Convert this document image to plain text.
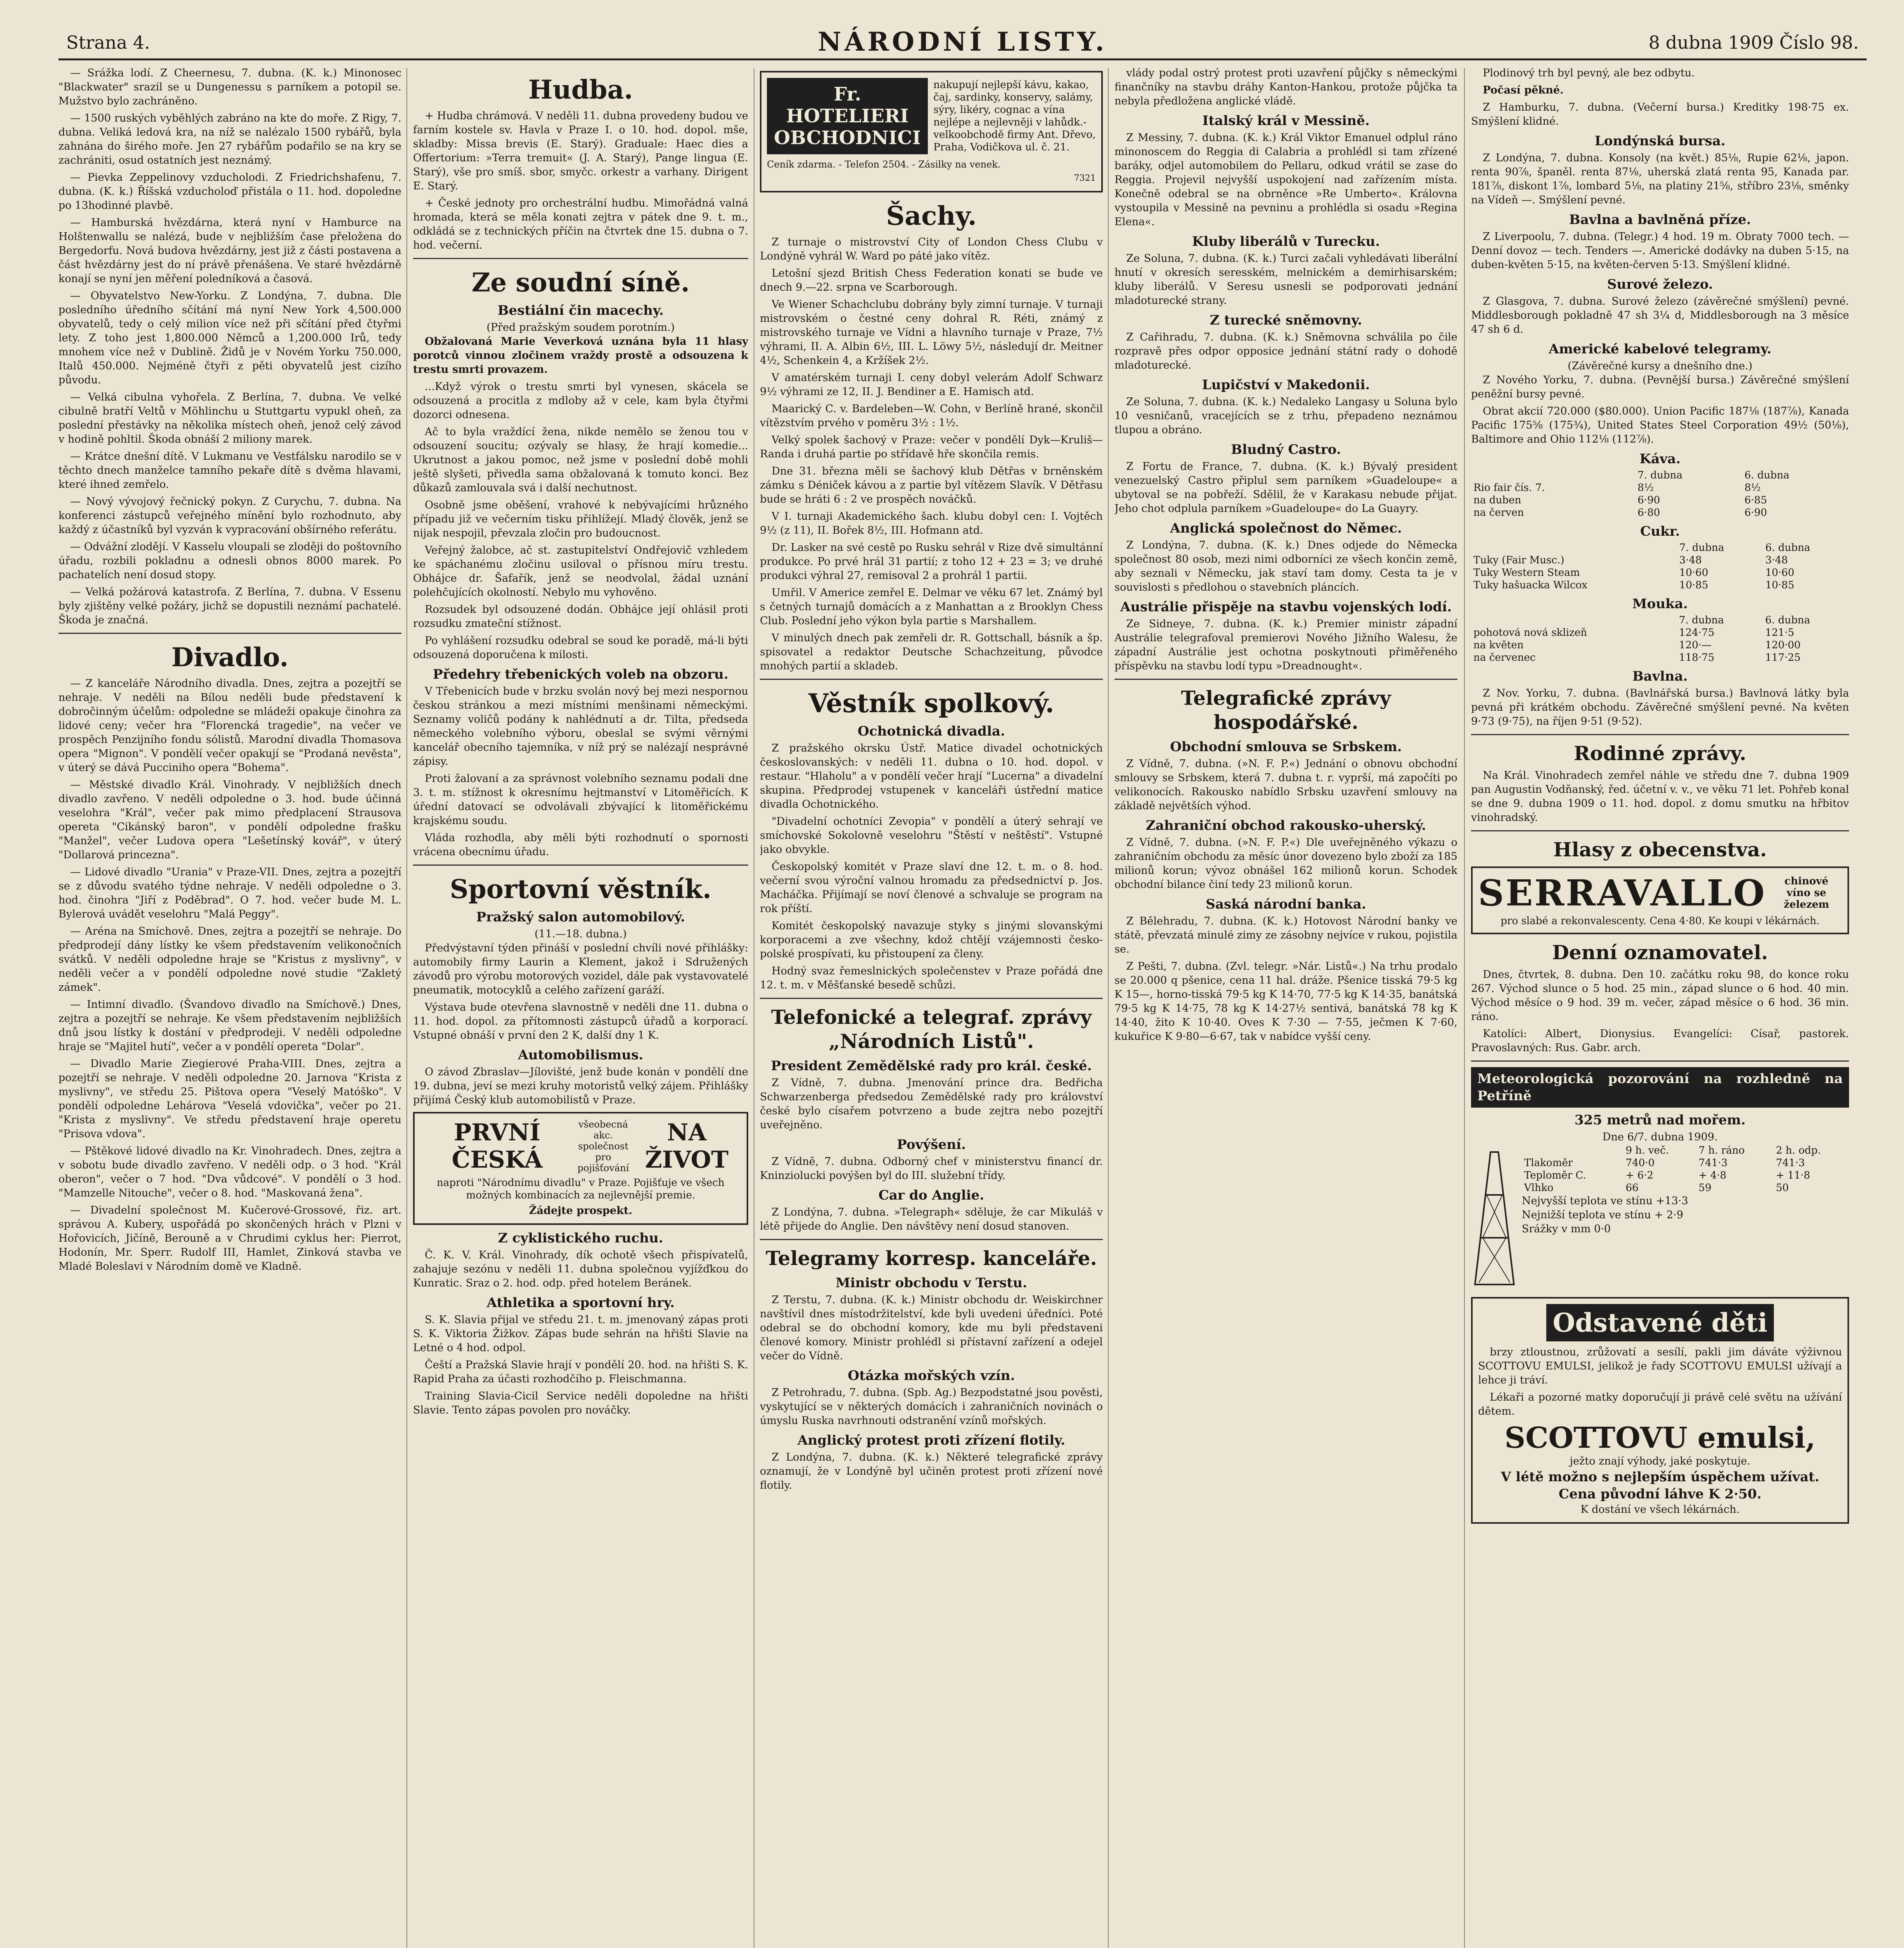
Strana 4.	NÁRODNÍ LISTY.	8 dubna 1909 Číslo 98.

— Srážka lodí. Z Cheernesu, 7. dubna. (K. k.) Minonosec "Blackwater" srazil se u Dungenessu s parníkem a potopil se. Mužstvo bylo zachráněno.

— 1500 ruských vyběhlých zabráno na kte do moře. Z Rigy, 7. dubna. Veliká ledová kra, na níž se nalézalo 1500 rybářů, byla zahnána do širého moře. Jen 27 rybářům podařilo se na kry se zachrániti, osud ostatních jest neznámý.

— Pievka Zeppelinovy vzducholodi. Z Friedrichshafenu, 7. dubna. (K. k.) Říšská vzducholoď přistála o 11. hod. dopoledne po 13hodinné plavbě.

— Hamburská hvězdárna, která nyní v Hamburce na Holštenwallu se nalézá, bude v nejbližším čase přeložena do Bergedorfu. Nová budova hvězdárny, jest již z části postavena a část hvězdárny jest do ní právě přenášena. Ve staré hvězdárně konají se nyní jen měření poledníková a časová.

— Obyvatelstvo New-Yorku. Z Londýna, 7. dubna. Dle posledního úředního sčítání má nyní New York 4,500.000 obyvatelů, tedy o celý milion více než při sčítání před čtyřmi lety. Z toho jest 1,800.000 Němců a 1,200.000 Irů, tedy mnohem více než v Dublině. Židů je v Novém Yorku 750.000, Italů 450.000. Nejméně čtyři z pěti obyvatelů jest cizího původu.

— Velká cibulna vyhořela. Z Berlína, 7. dubna. Ve velké cibulně bratří Veltů v Möhlinchu u Stuttgartu vypukl oheň, za poslední přestávky na několika místech oheň, jenož celý závod v hodině pohltil. Škoda obnáší 2 miliony marek.

— Krátce dnešní dítě. V Lukmanu ve Vestfálsku narodilo se v těchto dnech manželce tamního pekaře dítě s dvěma hlavami, které ihned zemřelo.

— Nový vývojový řečnický pokyn. Z Curychu, 7. dubna. Na konferenci zástupců veřejného mínění bylo rozhodnuto, aby každý z účastníků byl vyzván k vypracování obšírného referátu.

— Odvážní zlodějí. V Kasselu vloupali se zloději do poštovního úřadu, rozbili pokladnu a odnesli obnos 8000 marek. Po pachatelích není dosud stopy.

— Velká požárová katastrofa. Z Berlína, 7. dubna. V Essenu byly zjištěny velké požáry, jichž se dopustili neznámí pachatelé. Škoda je značná.

Divadlo.

— Z kanceláře Národního divadla. Dnes, zejtra a pozejtří se nehraje. V neděli na Bílou neděli bude představení k dobročinným účelům: odpoledne se mládeži opakuje činohra za lidové ceny; večer hra "Florencká tragedie", na večer ve prospěch Penzijního fondu sólistů. Marodní divadla Thomasova opera "Mignon". V pondělí večer opakují se "Prodaná nevěsta", v úterý se dává Pucciniho opera "Bohema".

— Městské divadlo Král. Vinohrady. V nejbližších dnech divadlo zavřeno. V neděli odpoledne o 3. hod. bude účinná veselohra "Král", večer pak mimo předplacení Strausova opereta "Cikánský baron", v pondělí odpoledne frašku "Manžel", večer Ludova opera "Lešetínský kovář", v úterý "Dollarová princezna".

— Lidové divadlo "Urania" v Praze-VII. Dnes, zejtra a pozejtří se z důvodu svatého týdne nehraje. V neděli odpoledne o 3. hod. činohra "Jiří z Poděbrad". O 7. hod. večer bude M. L. Bylerová uvádět veselohru "Malá Peggy".

— Aréna na Smíchově. Dnes, zejtra a pozejtří se nehraje. Do předprodejí dány lístky ke všem představením velikonočních svátků. V neděli odpoledne hraje se "Kristus z myslivny", v neděli večer a v pondělí odpoledne nové studie "Zakletý zámek".

— Intimní divadlo. (Švandovo divadlo na Smíchově.) Dnes, zejtra a pozejtří se nehraje. Ke všem představením nejbližších dnů jsou lístky k dostání v předprodeji. V neděli odpoledne hraje se "Majitel hutí", večer a v pondělí opereta "Dolar".

— Divadlo Marie Ziegierové Praha-VIII. Dnes, zejtra a pozejtří se nehraje. V neděli odpoledne 20. Jarnova "Krista z myslivny", ve středu 25. Pištova opera "Veselý Matóško". V pondělí odpoledne Lehárova "Veselá vdovička", večer po 21. "Krista z myslivny". Ve středu představení hraje operetu "Prisova vdova".

— Pštěkové lidové divadlo na Kr. Vinohradech. Dnes, zejtra a v sobotu bude divadlo zavřeno. V neděli odp. o 3 hod. "Král oberon", večer o 7 hod. "Dva vůdcové". V pondělí o 3 hod. "Mamzelle Nitouche", večer o 8. hod. "Maskovaná žena".

— Divadelní společnost M. Kučerové-Grossové, řiz. art. správou A. Kubery, uspořádá po skončených hrách v Plzni v Hořovicích, Jičíně, Berouně a v Chrudimi cyklus her: Pierrot, Hodonín, Mr. Sperr. Rudolf III, Hamlet, Zinková stavba ve Mladé Boleslavi v Národním domě ve Kladně.

Hudba.

+ Hudba chrámová. V neděli 11. dubna provedeny budou ve farním kostele sv. Havla v Praze I. o 10. hod. dopol. mše, skladby: Missa brevis (E. Starý). Graduale: Haec dies a Offertorium: »Terra tremuit« (J. A. Starý), Pange lingua (E. Starý), vše pro smíš. sbor, smyčc. orkestr a varhany. Dirigent E. Starý.

+ České jednoty pro orchestrální hudbu. Mimořádná valná hromada, která se měla konati zejtra v pátek dne 9. t. m., odkládá se z technických příčin na čtvrtek dne 15. dubna o 7. hod. večerní.

Ze soudní síně.
Bestiální čin macechy.
(Před pražským soudem porotním.)

Obžalovaná Marie Veverková uznána byla 11 hlasy porotců vinnou zločinem vraždy prostě a odsouzena k trestu smrti provazem.

...Když výrok o trestu smrti byl vynesen, skácela se odsouzená a procitla z mdloby až v cele, kam byla čtyřmi dozorci odnesena.

Ač to byla vraždící žena, nikde nemělo se ženou tou v odsouzení soucitu; ozývaly se hlasy, že hrají komedie... Ukrutnost a jakou pomoc, než jsme v poslední době mohli ještě slyšeti, přivedla sama obžalovaná k tomuto konci. Bez důkazů zamlouvala svá i další nechutnost.

Osobně jsme oběšení, vrahové k nebývajícími hrůzného případu již ve večerním tisku přihlížejí. Mladý člověk, jenž se nijak nespojil, převzala zločin pro budoucnost.

Veřejný žalobce, ač st. zastupitelství Ondřejovič vzhledem ke spáchanému zločinu usiloval o přísnou míru trestu. Obhájce dr. Šafařík, jenž se neodvolal, žádal uznání polehčujících okolností. Nebylo mu vyhověno.

Rozsudek byl odsouzené dodán. Obhájce její ohlásil proti rozsudku zmateční stížnost.

Po vyhlášení rozsudku odebral se soud ke poradě, má-li býti odsouzená doporučena k milosti.

Předehry třebenických voleb na obzoru.

V Třebenicích bude v brzku svolán nový bej mezi nespornou českou stránkou a mezi místními menšinami německými. Seznamy voličů podány k nahlédnutí a dr. Tilta, předseda německého volebního výboru, obeslal se svými věrnými kancelář obecního tajemníka, v níž prý se nalézají nesprávné zápisy.

Proti žalovaní a za správnost volebního seznamu podali dne 3. t. m. stížnost k okresnímu hejtmanství v Litoměřicích. K úřední datovací se odvolávali zbývající k litoměřickému krajskému soudu.

Vláda rozhodla, aby měli býti rozhodnutí o spornosti vrácena obecnímu úřadu.

Sportovní věstník.
Pražský salon automobilový.
(11.—18. dubna.)

Předvýstavní týden přináší v poslední chvíli nové přihlášky: automobily firmy Laurin a Klement, jakož i Sdružených závodů pro výrobu motorových vozidel, dále pak vystavovatelé pneumatik, motocyklů a celého zařízení garáží.

Výstava bude otevřena slavnostně v neděli dne 11. dubna o 11. hod. dopol. za přítomnosti zástupců úřadů a korporací. Vstupné obnáší v první den 2 K, další dny 1 K.

Automobilismus.

O závod Zbraslav—Jílovišté, jenž bude konán v pondělí dne 19. dubna, jeví se mezi kruhy motoristů velký zájem. Přihlášky přijímá Český klub automobilistů v Praze.

PRVNÍ ČESKÁ
všeobecná akc. společnost pro pojišťování
NA ŽIVOT
naproti "Národnímu divadlu" v Praze. Pojišťuje ve všech možných kombinacích za nejlevnější premie.
Žádejte prospekt.
Z cyklistického ruchu.

Č. K. V. Král. Vinohrady, dík ochotě všech přispívatelů, zahajuje sezónu v neděli 11. dubna společnou vyjížďkou do Kunratic. Sraz o 2. hod. odp. před hotelem Beránek.

Athletika a sportovní hry.

S. K. Slavia přijal ve středu 21. t. m. jmenovaný zápas proti S. K. Viktoria Žižkov. Zápas bude sehrán na hřišti Slavie na Letné o 4 hod. odpol.

Čeští a Pražská Slavie hrají v pondělí 20. hod. na hřišti S. K. Rapid Praha za účasti rozhodčího p. Fleischmanna.

Training Slavia-Cicil Service neděli dopoledne na hřišti Slavie. Tento zápas povolen pro nováčky.

Fr. HOTELIERI OBCHODNICI
nakupují nejlepší kávu, kakao, čaj, sardinky, konservy, salámy, sýry, likéry, cognac a vína nejlépe a nejlevněji v lahůdk.-velkoobchodě firmy Ant. Dřevo, Praha, Vodičkova ul. č. 21.
Ceník zdarma. - Telefon 2504. - Zásilky na venek.
7321
Šachy.

Z turnaje o mistrovství City of London Chess Clubu v Londýně vyhrál W. Ward po páté jako vítěz.

Letošní sjezd British Chess Federation konati se bude ve dnech 9.—22. srpna ve Scarborough.

Ve Wiener Schachclubu dobrány byly zimní turnaje. V turnaji mistrovském o čestné ceny dohral R. Réti, známý z mistrovského turnaje ve Vídni a hlavního turnaje v Praze, 7½ výhrami, II. A. Albin 6½, III. L. Löwy 5½, následují dr. Meitner 4½, Schenkein 4, a Kržíšek 2½.

V amatérském turnaji I. ceny dobyl velerám Adolf Schwarz 9½ výhrami ze 12, II. J. Bendiner a E. Hamisch atd.

Maarický C. v. Bardeleben—W. Cohn, v Berlíně hrané, skončil vítězstvím prvého v poměru 3½ : 1½.

Velký spolek šachový v Praze: večer v pondělí Dyk—Kruliš—Randa i druhá partie po střídavě hře skončila remis.

Dne 31. března měli se šachový klub Dětřas v brněnském zámku s Déniček kávou a z partie byl vítězem Slavík. V Dětřasu bude se hráti 6 : 2 ve prospěch nováčků.

V I. turnaji Akademického šach. klubu dobyl cen: I. Vojtěch 9½ (z 11), II. Bořek 8½, III. Hofmann atd.

Dr. Lasker na své cestě po Rusku sehrál v Rize dvě simultánní produkce. Po prvé hrál 31 partií; z toho 12 + 23 = 3; ve druhé produkci výhral 27, remisoval 2 a prohrál 1 partii.

Umřil. V Americe zemřel E. Delmar ve věku 67 let. Známý byl s četných turnajů domácích a z Manhattan a z Brooklyn Chess Club. Poslední jeho výkon byla partie s Marshallem.

V minulých dnech pak zemřeli dr. R. Gottschall, básník a šp. spisovatel a redaktor Deutsche Schachzeitung, původce mnohých partií a skladeb.

Věstník spolkový.
Ochotnická divadla.

Z pražského okrsku Ústř. Matice divadel ochotnických českoslovanských: v neděli 11. dubna o 10. hod. dopol. v restaur. "Hlaholu" a v pondělí večer hrají "Lucerna" a divadelní skupina. Předprodej vstupenek v kanceláři ústřední matice divadla Ochotnického.

"Divadelní ochotníci Zevopia" v pondělí a úterý sehrají ve smíchovské Sokolovně veselohru "Štěstí v neštěstí". Vstupné jako obvykle.

Českopolský komitét v Praze slaví dne 12. t. m. o 8. hod. večerní svou výroční valnou hromadu za předsednictví p. Jos. Macháčka. Přijímají se noví členové a schvaluje se program na rok příští.

Komitét českopolský navazuje styky s jinými slovanskými korporacemi a zve všechny, kdož chtějí vzájemnosti česko-polské prospívati, ku přistoupení za členy.

Hodný svaz řemeslnických společenstev v Praze pořádá dne 12. t. m. v Měšťanské besedě schůzi.

Telefonické a telegraf. zprávy „Národních Listů".
President Zemědělské rady pro král. české.

Z Vídně, 7. dubna. Jmenování prince dra. Bedřicha Schwarzenberga předsedou Zemědělské rady pro království české bylo císařem potvrzeno a bude zejtra nebo pozejtří uveřejněno.

Povýšení.

Z Vídně, 7. dubna. Odborný chef v ministerstvu financí dr. Kninziolucki povýšen byl do III. služební třídy.

Car do Anglie.

Z Londýna, 7. dubna. »Telegraph« sděluje, že car Mikuláš v létě přijede do Anglie. Den návštěvy není dosud stanoven.

Telegramy korresp. kanceláře.
Ministr obchodu v Terstu.

Z Terstu, 7. dubna. (K. k.) Ministr obchodu dr. Weiskirchner navštívil dnes místodržitelství, kde byli uvedeni úředníci. Poté odebral se do obchodní komory, kde mu byli představeni členové komory. Ministr prohlédl si přístavní zařízení a odejel večer do Vídně.

Otázka mořských vzín.

Z Petrohradu, 7. dubna. (Spb. Ag.) Bezpodstatné jsou pověsti, vyskytující se v některých domácích i zahraničních novinách o úmyslu Ruska navrhnouti odstranění vzínů mořských.

Anglický protest proti zřízení flotily.

Z Londýna, 7. dubna. (K. k.) Některé telegrafické zprávy oznamují, že v Londýně byl učiněn protest proti zřízení nové flotily.

vlády podal ostrý protest proti uzavření půjčky s německými finančníky na stavbu dráhy Kanton-Hankou, protože půjčka ta nebyla předložena anglické vládě.

Italský král v Messině.

Z Messiny, 7. dubna. (K. k.) Král Viktor Emanuel odplul ráno minonoscem do Reggia di Calabria a prohlédl si tam zřízené baráky, odjel automobilem do Pellaru, odkud vrátil se zase do Reggia. Projevil nejvyšší uspokojení nad zařízením místa. Konečně odebral se na obrněnce »Re Umberto«. Královna vystoupila v Messině na pevninu a prohlédla si osadu »Regina Elena«.

Kluby liberálů v Turecku.

Ze Soluna, 7. dubna. (K. k.) Turci začali vyhledávati liberální hnutí v okresích seresském, melnickém a demirhisarském; kluby liberálů. V Seresu usnesli se podporovati jednání mladoturecké strany.

Z turecké sněmovny.

Z Cařihradu, 7. dubna. (K. k.) Sněmovna schválila po čile rozpravě přes odpor opposice jednání státní rady o dohodě mladoturecké.

Lupičství v Makedonii.

Ze Soluna, 7. dubna. (K. k.) Nedaleko Langasy u Soluna bylo 10 vesničanů, vracejících se z trhu, přepadeno neznámou tlupou a obráno.

Bludný Castro.

Z Fortu de France, 7. dubna. (K. k.) Bývalý president venezuelský Castro připlul sem parníkem »Guadeloupe« a ubytoval se na pobřeží. Sdělil, že v Karakasu nebude přijat. Jeho chot odplula parníkem »Guadeloupe« do La Guayry.

Anglická společnost do Němec.

Z Londýna, 7. dubna. (K. k.) Dnes odjede do Německa společnost 80 osob, mezi nimi odborníci ze všech končin země, aby seznali v Německu, jak staví tam domy. Cesta ta je v souvislosti s předlohou o stavebních pláncích.

Austrálie přispěje na stavbu vojenských lodí.

Ze Sidneye, 7. dubna. (K. k.) Premier ministr západní Austrálie telegrafoval premierovi Nového Jižního Walesu, že západní Austrálie jest ochotna poskytnouti přiměřeného příspěvku na stavbu lodí typu »Dreadnought«.

Telegrafické zprávy hospodářské.
Obchodní smlouva se Srbskem.

Z Vídně, 7. dubna. (»N. F. P.«) Jednání o obnovu obchodní smlouvy se Srbskem, která 7. dubna t. r. vyprší, má započíti po velikonocích. Rakousko nabídlo Srbsku uzavření smlouvy na základě největších výhod.

Zahraniční obchod rakousko-uherský.

Z Vídně, 7. dubna. (»N. F. P.«) Dle uveřejněného výkazu o zahraničním obchodu za měsíc únor dovezeno bylo zboží za 185 milionů korun; vývoz obnášel 162 milionů korun. Schodek obchodní bilance činí tedy 23 milionů korun.

Saská národní banka.

Z Bělehradu, 7. dubna. (K. k.) Hotovost Národní banky ve státě, převzatá minulé zimy ze zásobny nejvíce v rukou, pojistila se.

Z Pešti, 7. dubna. (Zvl. telegr. »Nár. Listů«.) Na trhu prodalo se 20.000 q pšenice, cena 11 hal. dráže. Pšenice tisská 79·5 kg K 15—, horno-tisská 79·5 kg K 14·70, 77·5 kg K 14·35, banátská 79·5 kg K 14·75, 78 kg K 14·27½ sentivá, banátská 78 kg K 14·40, žito K 10·40. Oves K 7·30 — 7·55, ječmen K 7·60, kukuřice K 9·80—6·67, tak v nabídce vyšší ceny.

Plodinový trh byl pevný, ale bez odbytu.

Počasí pěkné.

Z Hamburku, 7. dubna. (Večerní bursa.) Kreditky 198·75 ex. Smýšlení klidné.

Londýnská bursa.

Z Londýna, 7. dubna. Konsoly (na květ.) 85⅛, Rupie 62⅛, japon. renta 90⅞, španěl. renta 87⅛, uherská zlatá renta 95, Kanada par. 181⅞, diskont 1⅞, lombard 5⅛, na platiny 21⅝, stříbro 23⅛, směnky na Vídeň —. Smýšlení pevné.

Bavlna a bavlněná příze.

Z Liverpoolu, 7. dubna. (Telegr.) 4 hod. 19 m. Obraty 7000 tech. — Denní dovoz — tech. Tenders —. Americké dodávky na duben 5·15, na duben-květen 5·15, na květen-červen 5·13. Smýšlení klidné.

Surové železo.

Z Glasgova, 7. dubna. Surové železo (závěrečné smýšlení) pevné. Middlesborough pokladně 47 sh 3¼ d, Middlesborough na 3 měsíce 47 sh 6 d.

Americké kabelové telegramy.
(Závěrečné kursy a dnešního dne.)

Z Nového Yorku, 7. dubna. (Pevnější bursa.) Závěrečné smýšlení peněžní bursy pevné.

Obrat akcií 720.000 ($80.000). Union Pacific 187⅛ (187⅞), Kanada Pacific 175⅝ (175¾), United States Steel Corporation 49½ (50⅛), Baltimore and Ohio 112⅛ (112⅞).

Káva.
	7. dubna	6. dubna
Rio fair čís. 7.	8½	8½
na duben	6·90	6·85
na červen	6·80	6·90
Cukr.
	7. dubna	6. dubna
Tuky (Fair Musc.)	3·48	3·48
Tuky Western Steam	10·60	10·60
Tuky hašuacka Wilcox	10·85	10·85
Mouka.
	7. dubna	6. dubna
pohotová nová sklizeň	124·75	121·5
na květen	120·—	120·00
na červenec	118·75	117·25
Bavlna.

Z Nov. Yorku, 7. dubna. (Bavlnářská bursa.) Bavlnová látky byla pevná při krátkém obchodu. Závěrečné smýšlení pevné. Na květen 9·73 (9·75), na říjen 9·51 (9·52).

Rodinné zprávy.

Na Král. Vinohradech zemřel náhle ve středu dne 7. dubna 1909 pan Augustin Vodňanský, řed. účetní v. v., ve věku 71 let. Pohřeb konal se dne 9. dubna 1909 o 11. hod. dopol. z domu smutku na hřbitov vinohradský.

Hlasy z obecenstva.
SERRAVALLO	chinové víno se železem
pro slabé a rekonvalescenty. Cena 4·80. Ke koupi v lékárnách.
Denní oznamovatel.

Dnes, čtvrtek, 8. dubna. Den 10. začátku roku 98, do konce roku 267. Východ slunce o 5 hod. 25 min., západ slunce o 6 hod. 40 min. Východ měsíce o 9 hod. 39 m. večer, západ měsíce o 6 hod. 36 min. ráno.

Katolíci: Albert, Dionysius. Evangelíci: Císař, pastorek. Pravoslavných: Rus. Gabr. arch.

Meteorologická pozorování na rozhledně na Petříně
325 metrů nad mořem.
Dne 6/7. dubna 1909.
	9 h. več.	7 h. ráno	2 h. odp.
Tlakoměr	740·0	741·3	741·3
Teploměr C.	+ 6·2	+ 4·8	+ 11·8
Vlhko	66	59	50
Nejvyšší teplota ve stínu +13·3
Nejnižší teplota ve stínu + 2·9
Srážky v mm 0·0
Odstavené děti

brzy ztloustnou, zrůžovatí a sesílí, pakli jim dáváte výživnou SCOTTOVU EMULSI, jelikož je řady SCOTTOVU EMULSI užívají a lehce ji tráví.

Lékaři a pozorné matky doporučují ji právě celé světu na užívání dětem.

SCOTTOVU emulsi,
ježto znají výhody, jaké poskytuje.
V létě možno s nejlepším úspěchem užívat.
Cena původní láhve K 2·50.
K dostání ve všech lékárnách.
